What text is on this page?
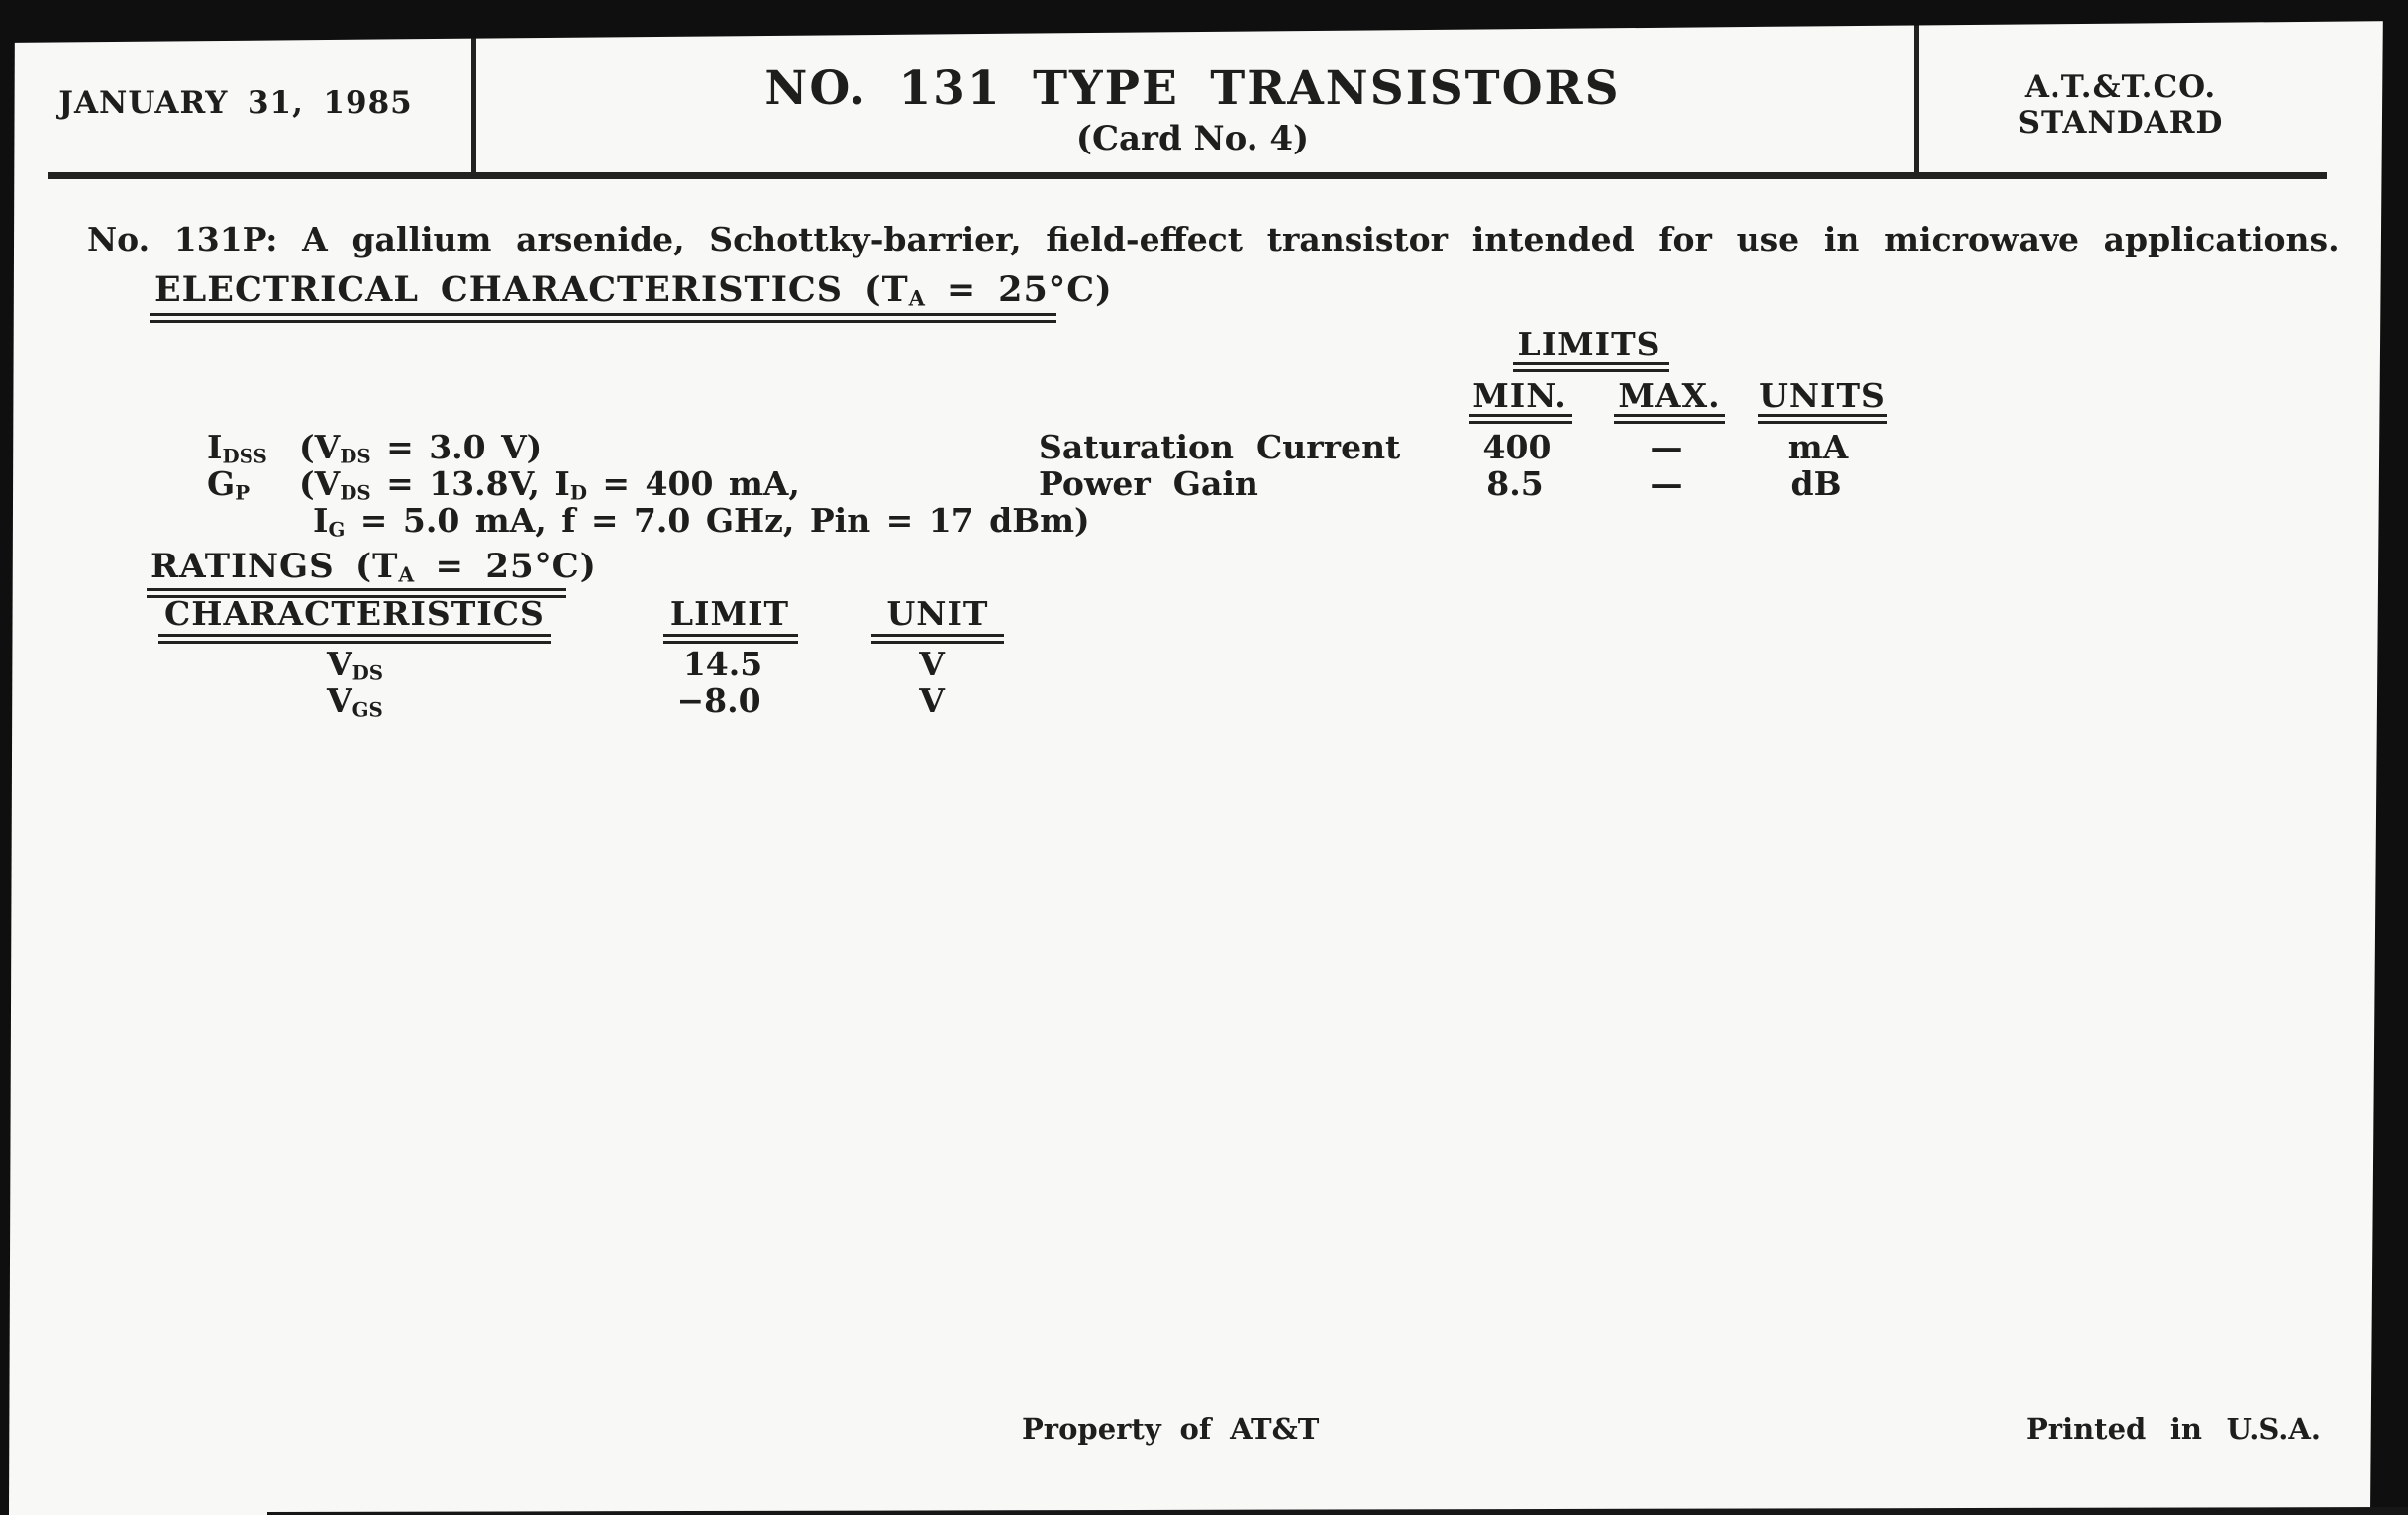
JANUARY 31, 1985	NO. 131 TYPE TRANSISTORS
(Card No. 4)
A.T.&T.CO.
STANDARD
No. 131P: A gallium arsenide, Schottky-barrier, field-effect transistor intended for use in microwave applications.
ELECTRICAL CHARACTERISTICS $(T_A = 25^\circ C)$
LIMITS
MIN. MAX. UNITS
$I_{DSS}$ ($V_{DS} = 3.0$ V)	Saturation Current	400	—	mA
$G_P$ ($V_{DS} = 13.8V$, $I_D = 400$ mA,	Power Gain	8.5	—	dB
$I_G = 5.0$ mA, f = 7.0 GHz, Pin = 17 dBm)
RATINGS $(T_A = 25^\circ C)$
CHARACTERISTICS	LIMIT	UNIT
$V_{DS}$	14.5	V
$V_{GS}$	−8.0	V
Property of AT&T	Printed in U.S.A.
